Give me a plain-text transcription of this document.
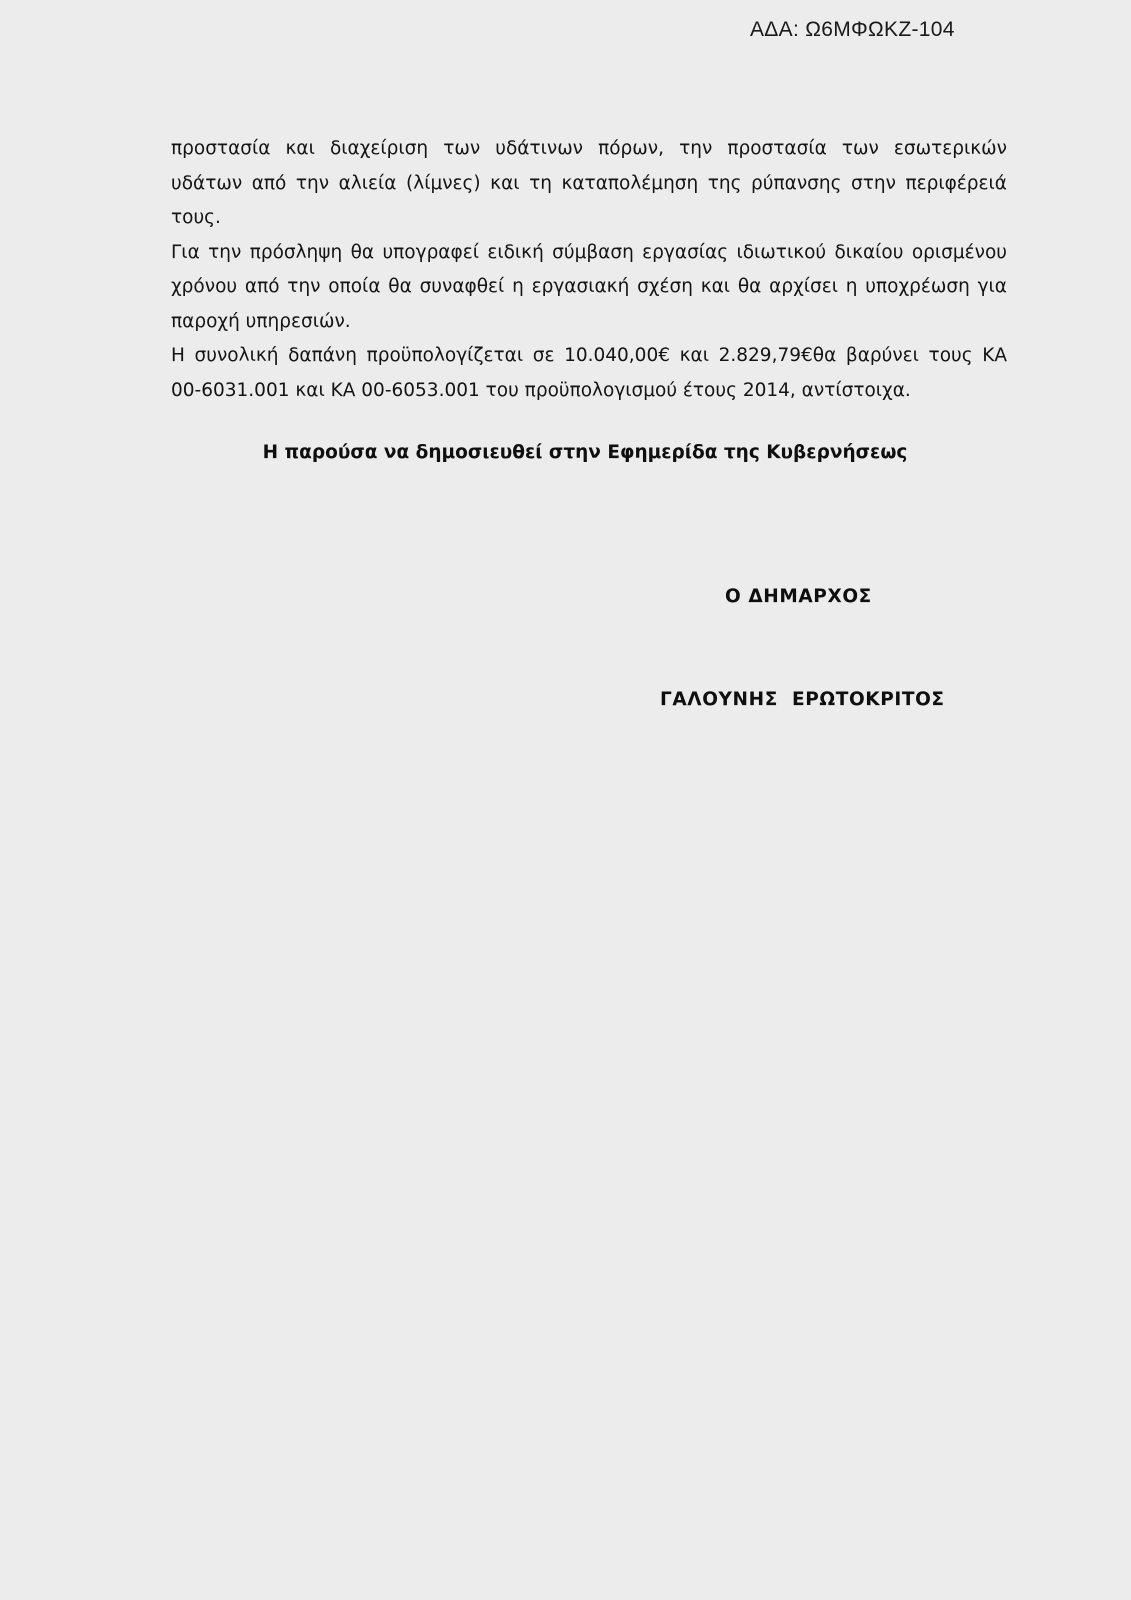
ΑΔΑ: Ω6ΜΦΩΚΖ-104

προστασία και διαχείριση των υδάτινων πόρων, την προστασία των εσωτερικών
υδάτων από την αλιεία (λίμνες) και τη καταπολέμηση της ρύπανσης στην περιφέρειά
τους.

Για την πρόσληψη θα υπογραφεί ειδική σύμβαση εργασίας ιδιωτικού δικαίου ορισμένου
χρόνου από την οποία θα συναφθεί η εργασιακή σχέση και θα αρχίσει η υποχρέωση για
παροχή υπηρεσιών.

Η συνολική δαπάνη προϋπολογίζεται σε 10.040,00€ και 2.829,79€θα βαρύνει τους ΚΑ
00-6031.001 και ΚΑ 00-6053.001 του προϋπολογισμού έτους 2014, αντίστοιχα.

Η παρούσα να δημοσιευθεί στην Εφημερίδα της Κυβερνήσεως
Ο ΔΗΜΑΡΧΟΣ
ΓΑΛΟΥΝΗΣ  ΕΡΩΤΟΚΡΙΤΟΣ
